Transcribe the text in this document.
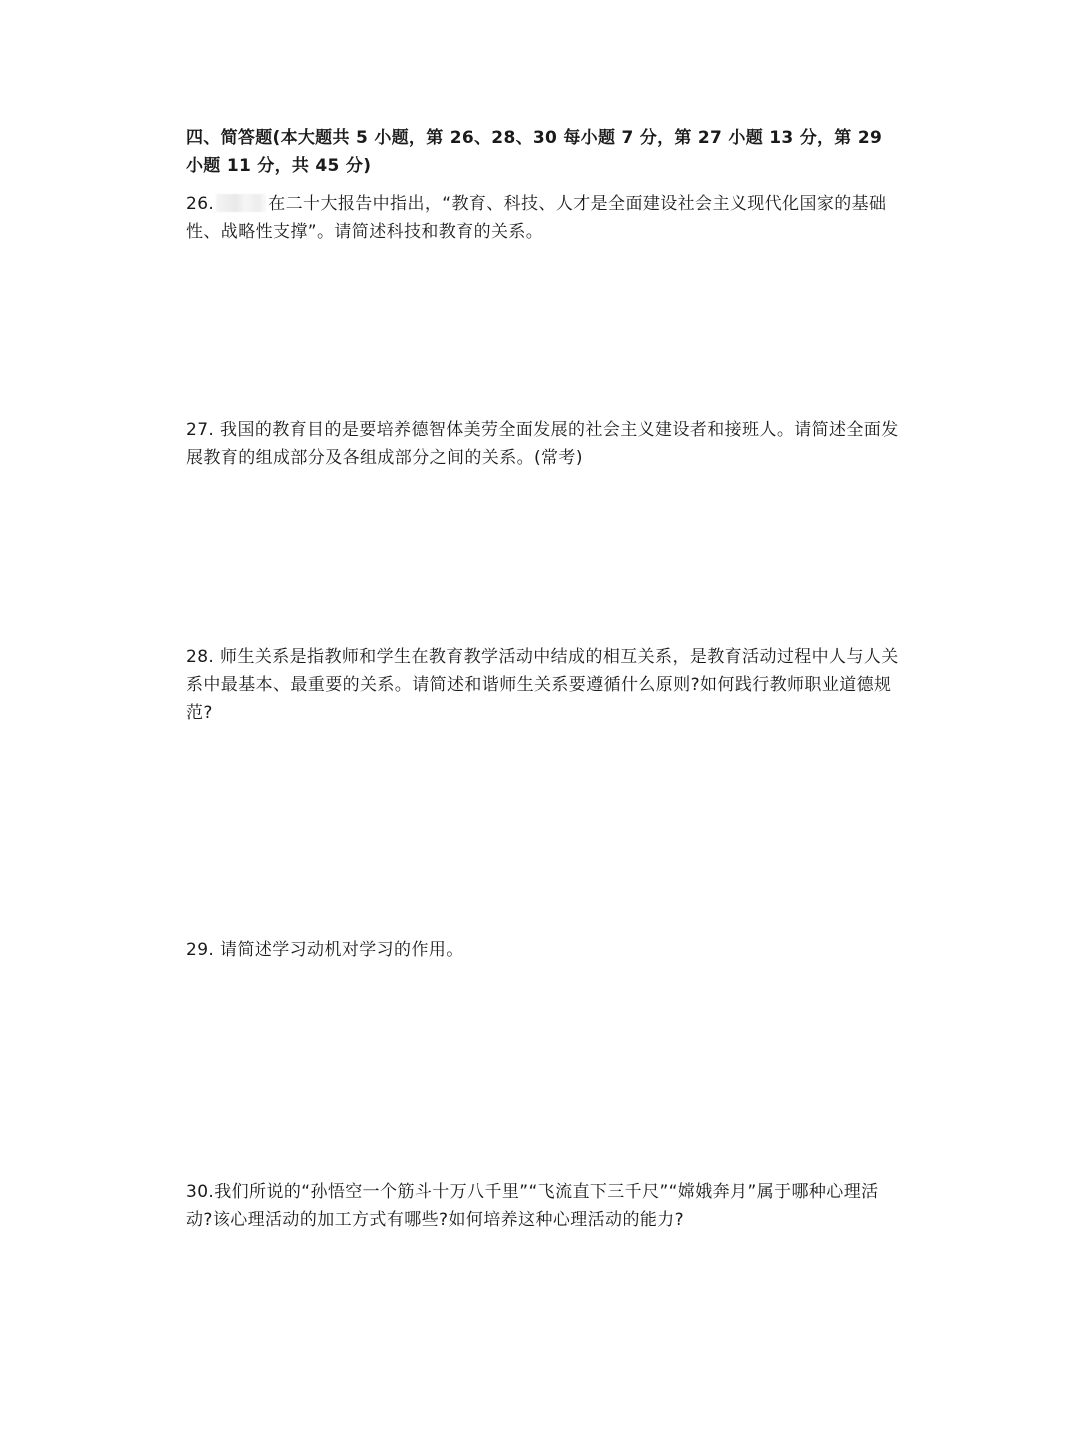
四、简答题(本大题共 5 小题，第 26、28、30 每小题 7 分，第 27 小题 13 分，第 29 小题 11 分，共 45 分)
26.	在二十大报告中指出，“教育、科技、人才是全面建设社会主义现代化国家的基础性、战略性支撑”。请简述科技和教育的关系。
27. 我国的教育目的是要培养德智体美劳全面发展的社会主义建设者和接班人。请简述全面发展教育的组成部分及各组成部分之间的关系。(常考)
28. 师生关系是指教师和学生在教育教学活动中结成的相互关系，是教育活动过程中人与人关系中最基本、最重要的关系。请简述和谐师生关系要遵循什么原则?如何践行教师职业道德规范?
29. 请简述学习动机对学习的作用。
30.我们所说的“孙悟空一个筋斗十万八千里”“飞流直下三千尺”“嫦娥奔月”属于哪种心理活动?该心理活动的加工方式有哪些?如何培养这种心理活动的能力?
